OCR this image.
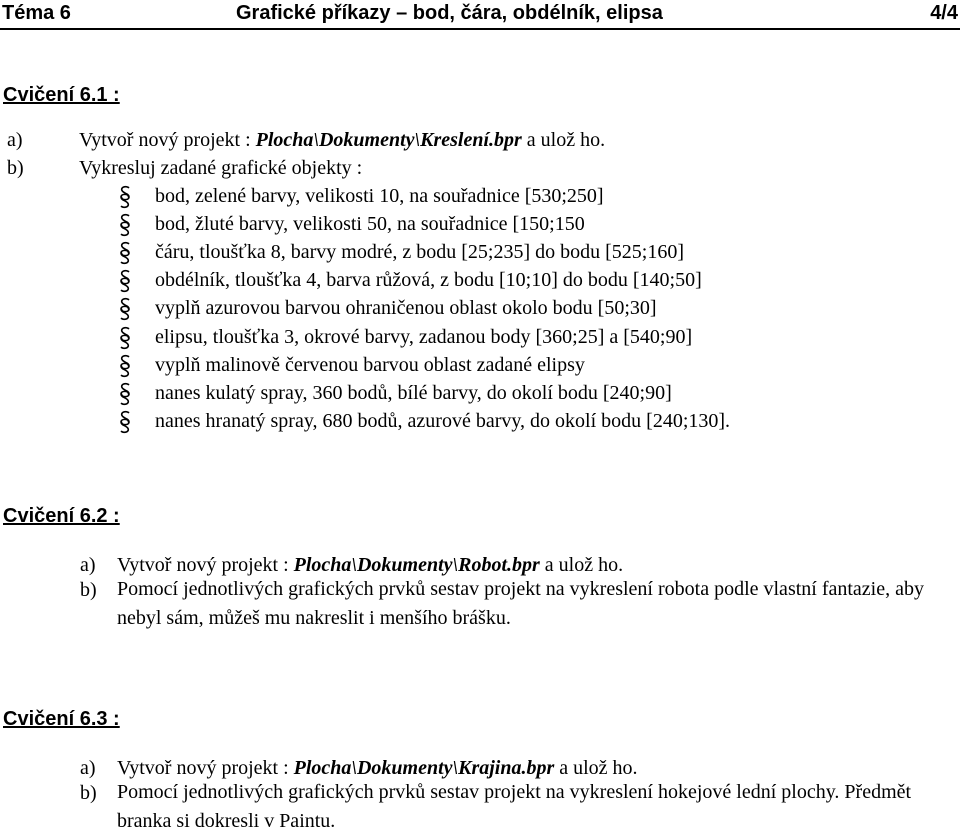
Téma 6	Grafické příkazy – bod, čára, obdélník, elipsa	4/4
Cvičení 6.1 :
a)	Vytvoř nový projekt : Plocha\Dokumenty\Kreslení.bpr a ulož ho.
b)	Vykresluj zadané grafické objekty :
bod, zelené barvy, velikosti 10, na souřadnice [530;250]
bod, žluté barvy, velikosti 50, na souřadnice [150;150
čáru, tloušťka 8, barvy modré, z bodu [25;235] do bodu [525;160]
obdélník, tloušťka 4, barva růžová, z bodu [10;10] do bodu [140;50]
vyplň azurovou barvou ohraničenou oblast okolo bodu [50;30]
elipsu, tloušťka 3, okrové barvy, zadanou body [360;25] a [540;90]
vyplň malinově červenou barvou oblast zadané elipsy
nanes kulatý spray, 360 bodů, bílé barvy, do okolí bodu [240;90]
nanes hranatý spray, 680 bodů, azurové barvy, do okolí bodu [240;130].
Cvičení 6.2 :
a) Vytvoř nový projekt : Plocha\Dokumenty\Robot.bpr a ulož ho.
b)	Pomocí jednotlivých grafických prvků sestav projekt na vykreslení robota podle vlastní fantazie, aby nebyl sám, můžeš mu nakreslit i menšího brášku.
Cvičení 6.3 :
a) Vytvoř nový projekt : Plocha\Dokumenty\Krajina.bpr a ulož ho.
b)	Pomocí jednotlivých grafických prvků sestav projekt na vykreslení hokejové lední plochy. Předmět branka si dokresli v Paintu.
